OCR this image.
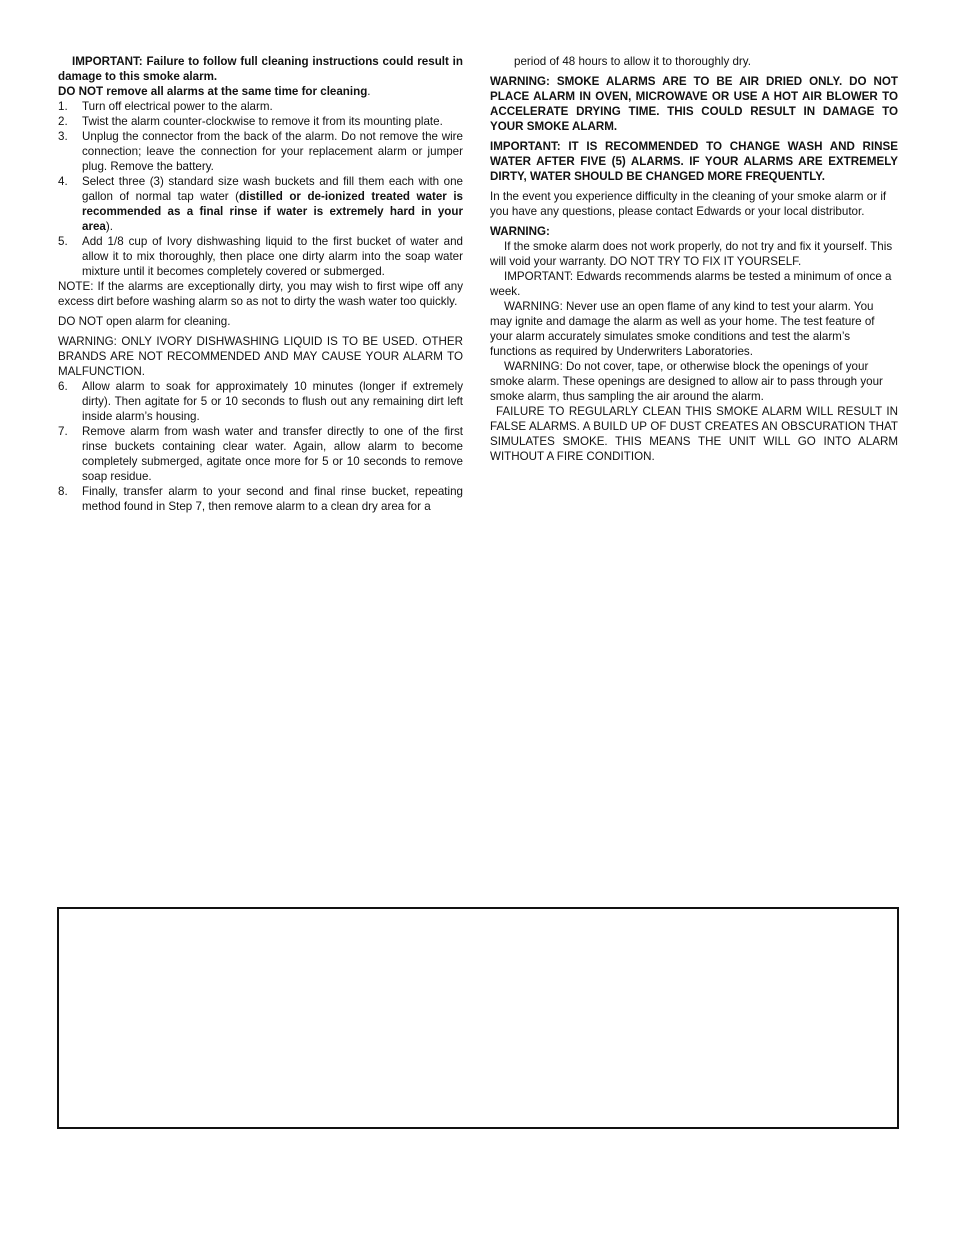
IMPORTANT: Failure to follow full cleaning instructions could result in damage to this smoke alarm.

DO NOT remove all alarms at the same time for cleaning.

1.	Turn off electrical power to the alarm.
2.	Twist the alarm counter-clockwise to remove it from its mounting plate.
3.	Unplug the connector from the back of the alarm. Do not remove the wire connection; leave the connection for your replacement alarm or jumper plug. Remove the battery.
4.	Select three (3) standard size wash buckets and fill them each with one gallon of normal tap water (distilled or de-ionized treated water is recommended as a final rinse if water is extremely hard in your area).
5.	Add 1/8 cup of Ivory dishwashing liquid to the first bucket of water and allow it to mix thoroughly, then place one dirty alarm into the soap water mixture until it becomes completely covered or submerged.

NOTE: If the alarms are exceptionally dirty, you may wish to first wipe off any excess dirt before washing alarm so as not to dirty the wash water too quickly.

DO NOT open alarm for cleaning.

WARNING: ONLY IVORY DISHWASHING LIQUID IS TO BE USED. OTHER BRANDS ARE NOT RECOMMENDED AND MAY CAUSE YOUR ALARM TO MALFUNCTION.

6.	Allow alarm to soak for approximately 10 minutes (longer if extremely dirty). Then agitate for 5 or 10 seconds to flush out any remaining dirt left inside alarm’s housing.
7.	Remove alarm from wash water and transfer directly to one of the first rinse buckets containing clear water. Again, allow alarm to become completely submerged, agitate once more for 5 or 10 seconds to remove soap residue.
8.	Finally, transfer alarm to your second and final rinse bucket, repeating method found in Step 7, then remove alarm to a clean dry area for a

period of 48 hours to allow it to thoroughly dry.

WARNING: SMOKE ALARMS ARE TO BE AIR DRIED ONLY. DO NOT PLACE ALARM IN OVEN, MICROWAVE OR USE A HOT AIR BLOWER TO ACCELERATE DRYING TIME. THIS COULD RESULT IN DAMAGE TO YOUR SMOKE ALARM.

IMPORTANT: IT IS RECOMMENDED TO CHANGE WASH AND RINSE WATER AFTER FIVE (5) ALARMS. IF YOUR ALARMS ARE EXTREMELY DIRTY, WATER SHOULD BE CHANGED MORE FREQUENTLY.

In the event you experience difficulty in the cleaning of your smoke alarm or if you have any questions, please contact Edwards or your local distributor.

WARNING:

If the smoke alarm does not work properly, do not try and fix it yourself. This will void your warranty. DO NOT TRY TO FIX IT YOURSELF.

IMPORTANT: Edwards recommends alarms be tested a minimum of once a week.

WARNING: Never use an open flame of any kind to test your alarm. You may ignite and damage the alarm as well as your home. The test feature of your alarm accurately simulates smoke conditions and test the alarm’s functions as required by Underwriters Laboratories.

WARNING: Do not cover, tape, or otherwise block the openings of your smoke alarm. These openings are designed to allow air to pass through your smoke alarm, thus sampling the air around the alarm.

FAILURE TO REGULARLY CLEAN THIS SMOKE ALARM WILL RESULT IN FALSE ALARMS. A BUILD UP OF DUST CREATES AN OBSCURATION THAT SIMULATES SMOKE. THIS MEANS THE UNIT WILL GO INTO ALARM WITHOUT A FIRE CONDITION.
